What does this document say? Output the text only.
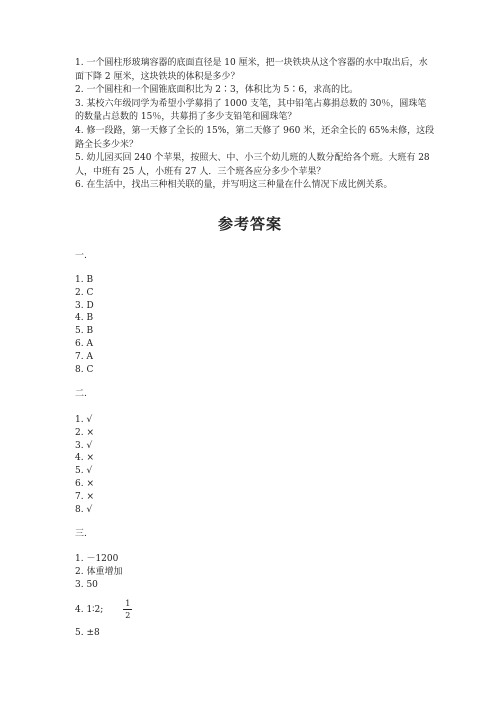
1. 一个圆柱形玻璃容器的底面直径是 10 厘米，把一块铁块从这个容器的水中取出后，水面下降 2 厘米，这块铁块的体积是多少？

2. 一个圆柱和一个圆锥底面积比为 2∶3，体积比为 5∶6，求高的比。

3. 某校六年级同学为希望小学募捐了 1000 支笔，其中铅笔占募捐总数的 30％，圆珠笔的数量占总数的 15％，共募捐了多少支铅笔和圆珠笔？

4. 修一段路，第一天修了全长的 15%，第二天修了 960 米，还余全长的 65%未修，这段路全长多少米？

5. 幼儿园买回 240 个苹果，按照大、中、小三个幼儿班的人数分配给各个班。大班有 28 人，中班有 25 人，小班有 27 人．三个班各应分多少个苹果？

6. 在生活中，找出三种相关联的量，并写明这三种量在什么情况下成比例关系。

参考答案

一.

1. B
2. C
3. D
4. B
5. B
6. A
7. A
8. C

二.

1. √
2. ×
3. √
4. ×
5. √
6. ×
7. ×
8. √

三.

1. －1200
2. 体重增加
3. 50
4. 1∶2;	$\frac{1}{2}$

5. ±8
